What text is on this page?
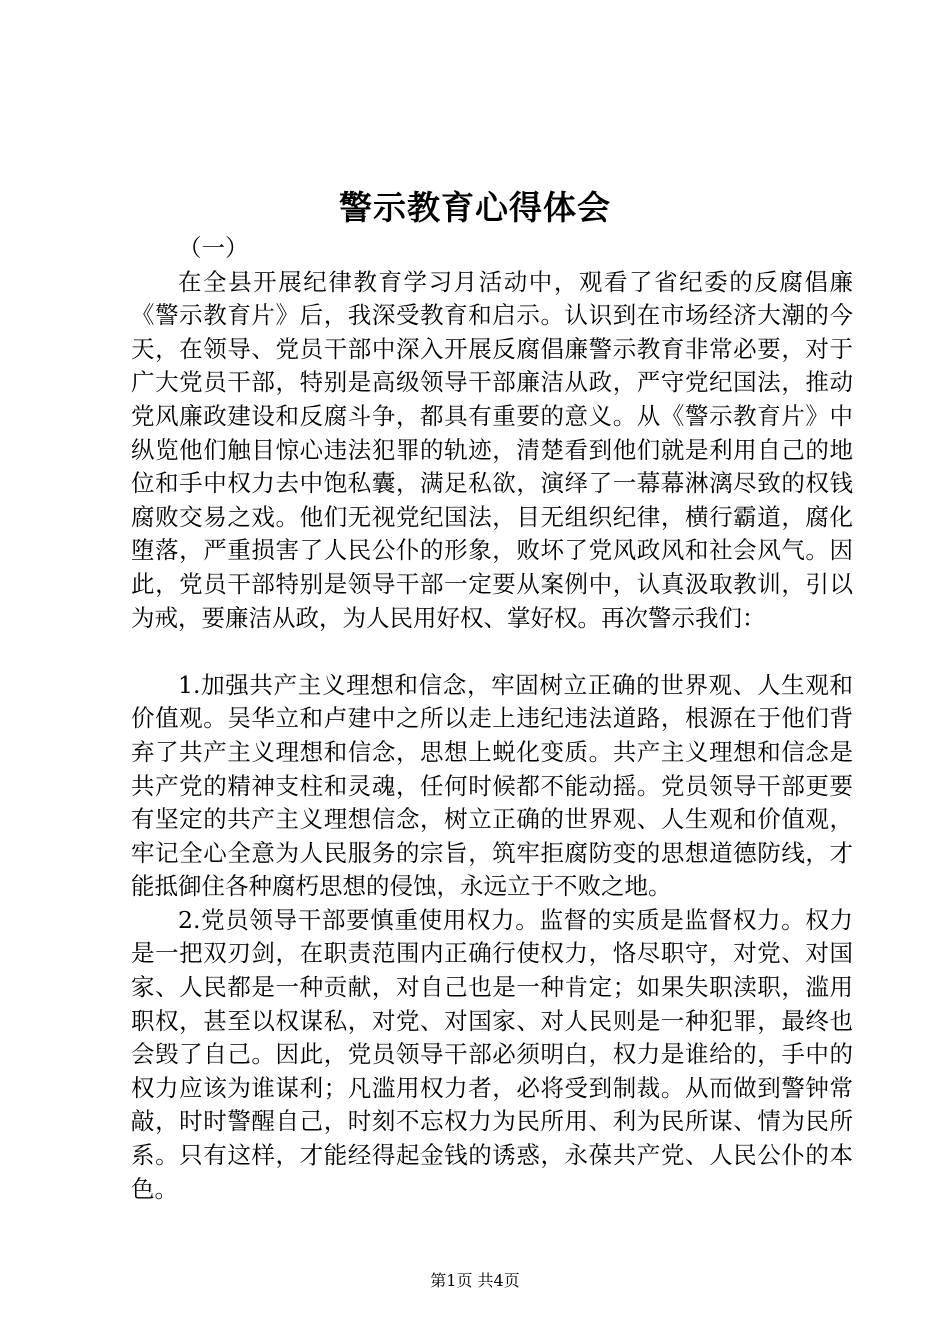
警示教育心得体会

（一）

在全县开展纪律教育学习月活动中，观看了省纪委的反腐倡廉《警示教育片》后，我深受教育和启示。认识到在市场经济大潮的今天，在领导、党员干部中深入开展反腐倡廉警示教育非常必要，对于广大党员干部，特别是高级领导干部廉洁从政，严守党纪国法，推动党风廉政建设和反腐斗争，都具有重要的意义。从《警示教育片》中纵览他们触目惊心违法犯罪的轨迹，清楚看到他们就是利用自己的地位和手中权力去中饱私囊，满足私欲，演绎了一幕幕淋漓尽致的权钱腐败交易之戏。他们无视党纪国法，目无组织纪律，横行霸道，腐化堕落，严重损害了人民公仆的形象，败坏了党风政风和社会风气。因此，党员干部特别是领导干部一定要从案例中，认真汲取教训，引以为戒，要廉洁从政，为人民用好权、掌好权。再次警示我们：

1.加强共产主义理想和信念，牢固树立正确的世界观、人生观和价值观。吴华立和卢建中之所以走上违纪违法道路，根源在于他们背弃了共产主义理想和信念，思想上蜕化变质。共产主义理想和信念是共产党的精神支柱和灵魂，任何时候都不能动摇。党员领导干部更要有坚定的共产主义理想信念，树立正确的世界观、人生观和价值观，牢记全心全意为人民服务的宗旨，筑牢拒腐防变的思想道德防线，才能抵御住各种腐朽思想的侵蚀，永远立于不败之地。

2.党员领导干部要慎重使用权力。监督的实质是监督权力。权力是一把双刃剑，在职责范围内正确行使权力，恪尽职守，对党、对国家、人民都是一种贡献，对自己也是一种肯定；如果失职渎职，滥用职权，甚至以权谋私，对党、对国家、对人民则是一种犯罪，最终也会毁了自己。因此，党员领导干部必须明白，权力是谁给的，手中的权力应该为谁谋利；凡滥用权力者，必将受到制裁。从而做到警钟常敲，时时警醒自己，时刻不忘权力为民所用、利为民所谋、情为民所系。只有这样，才能经得起金钱的诱惑，永葆共产党、人民公仆的本色。

第1页 共4页
